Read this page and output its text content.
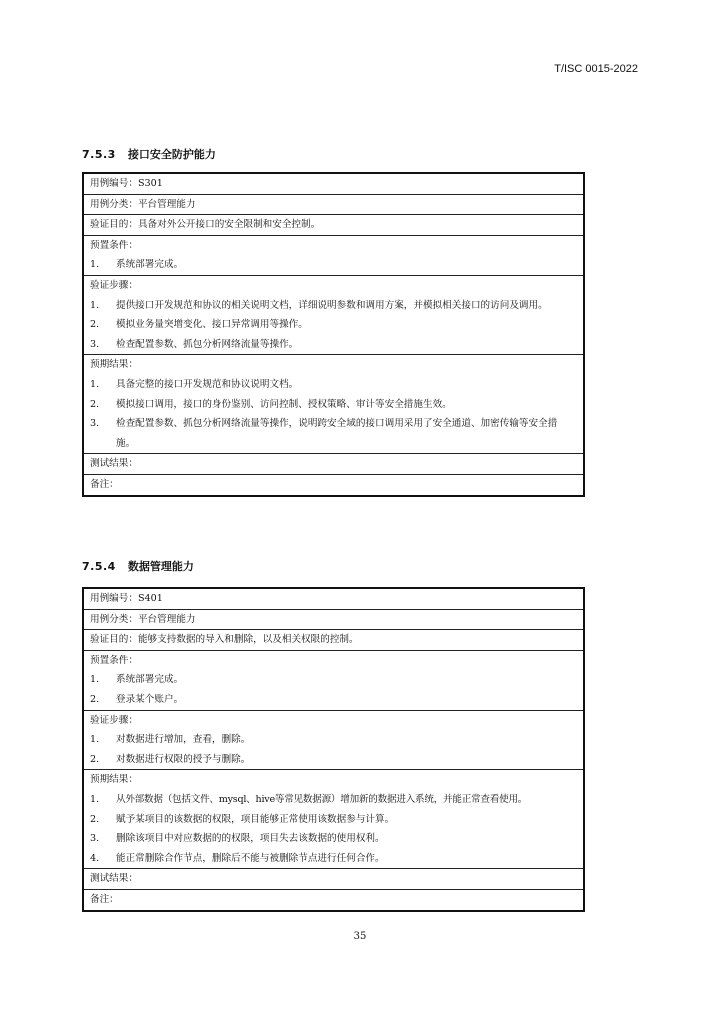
T/ISC 0015-2022
7.5.3 接口安全防护能力
用例编号：S301
用例分类：平台管理能力
验证目的：具备对外公开接口的安全限制和安全控制。
预置条件：
1.	系统部署完成。
验证步骤：
1.	提供接口开发规范和协议的相关说明文档，详细说明参数和调用方案，并模拟相关接口的访问及调用。
2.	模拟业务量突增变化、接口异常调用等操作。
3.	检查配置参数、抓包分析网络流量等操作。
预期结果：
1.	具备完整的接口开发规范和协议说明文档。
2.	模拟接口调用，接口的身份鉴别、访问控制、授权策略、审计等安全措施生效。
3.	检查配置参数、抓包分析网络流量等操作，说明跨安全域的接口调用采用了安全通道、加密传输等安全措施。
测试结果：
备注：
7.5.4 数据管理能力
用例编号：S401
用例分类：平台管理能力
验证目的：能够支持数据的导入和删除，以及相关权限的控制。
预置条件：
1.	系统部署完成。
2.	登录某个账户。
验证步骤：
1.	对数据进行增加，查看，删除。
2.	对数据进行权限的授予与删除。
预期结果：
1.	从外部数据（包括文件、mysql、hive等常见数据源）增加新的数据进入系统，并能正常查看使用。
2.	赋予某项目的该数据的权限，项目能够正常使用该数据参与计算。
3.	删除该项目中对应数据的的权限，项目失去该数据的使用权利。
4.	能正常删除合作节点，删除后不能与被删除节点进行任何合作。
测试结果：
备注：
35
